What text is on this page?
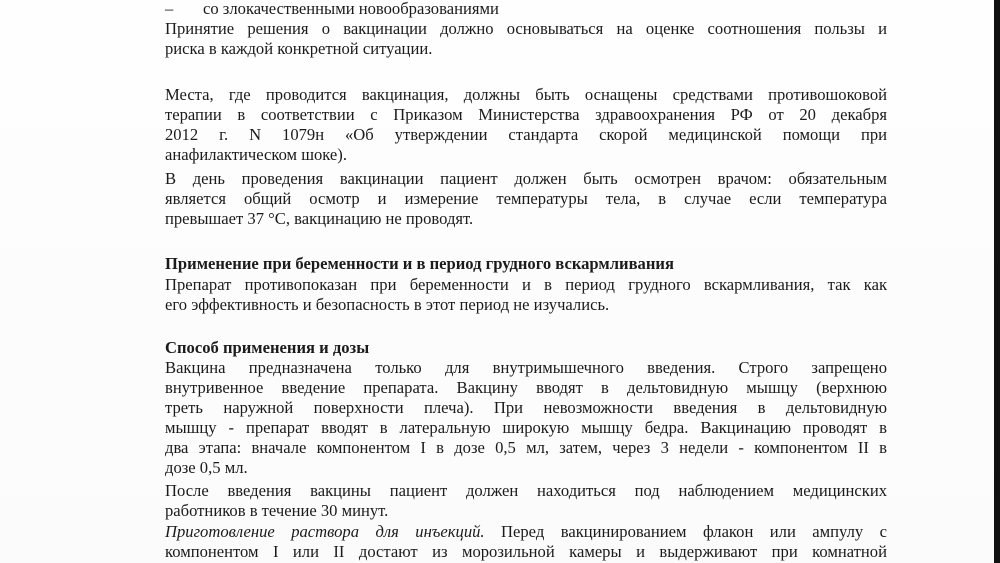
– со злокачественными новообразованиями
Принятие решения о вакцинации должно основываться на оценке соотношения пользы и
риска в каждой конкретной ситуации.
Места, где проводится вакцинация, должны быть оснащены средствами противошоковой
терапии в соответствии с Приказом Министерства здравоохранения РФ от 20 декабря
2012 г. N 1079н «Об утверждении стандарта скорой медицинской помощи при
анафилактическом шоке).
В день проведения вакцинации пациент должен быть осмотрен врачом: обязательным
является общий осмотр и измерение температуры тела, в случае если температура
превышает 37 °С, вакцинацию не проводят.
Применение при беременности и в период грудного вскармливания
Препарат противопоказан при беременности и в период грудного вскармливания, так как
его эффективность и безопасность в этот период не изучались.
Способ применения и дозы
Вакцина предназначена только для внутримышечного введения. Строго запрещено
внутривенное введение препарата. Вакцину вводят в дельтовидную мышцу (верхнюю
треть наружной поверхности плеча). При невозможности введения в дельтовидную
мышцу - препарат вводят в латеральную широкую мышцу бедра. Вакцинацию проводят в
два этапа: вначале компонентом I в дозе 0,5 мл, затем, через 3 недели - компонентом II в
дозе 0,5 мл.
После введения вакцины пациент должен находиться под наблюдением медицинских
работников в течение 30 минут.
Приготовление раствора для инъекций. Перед вакцинированием флакон или ампулу с
компонентом I или II достают из морозильной камеры и выдерживают при комнатной
